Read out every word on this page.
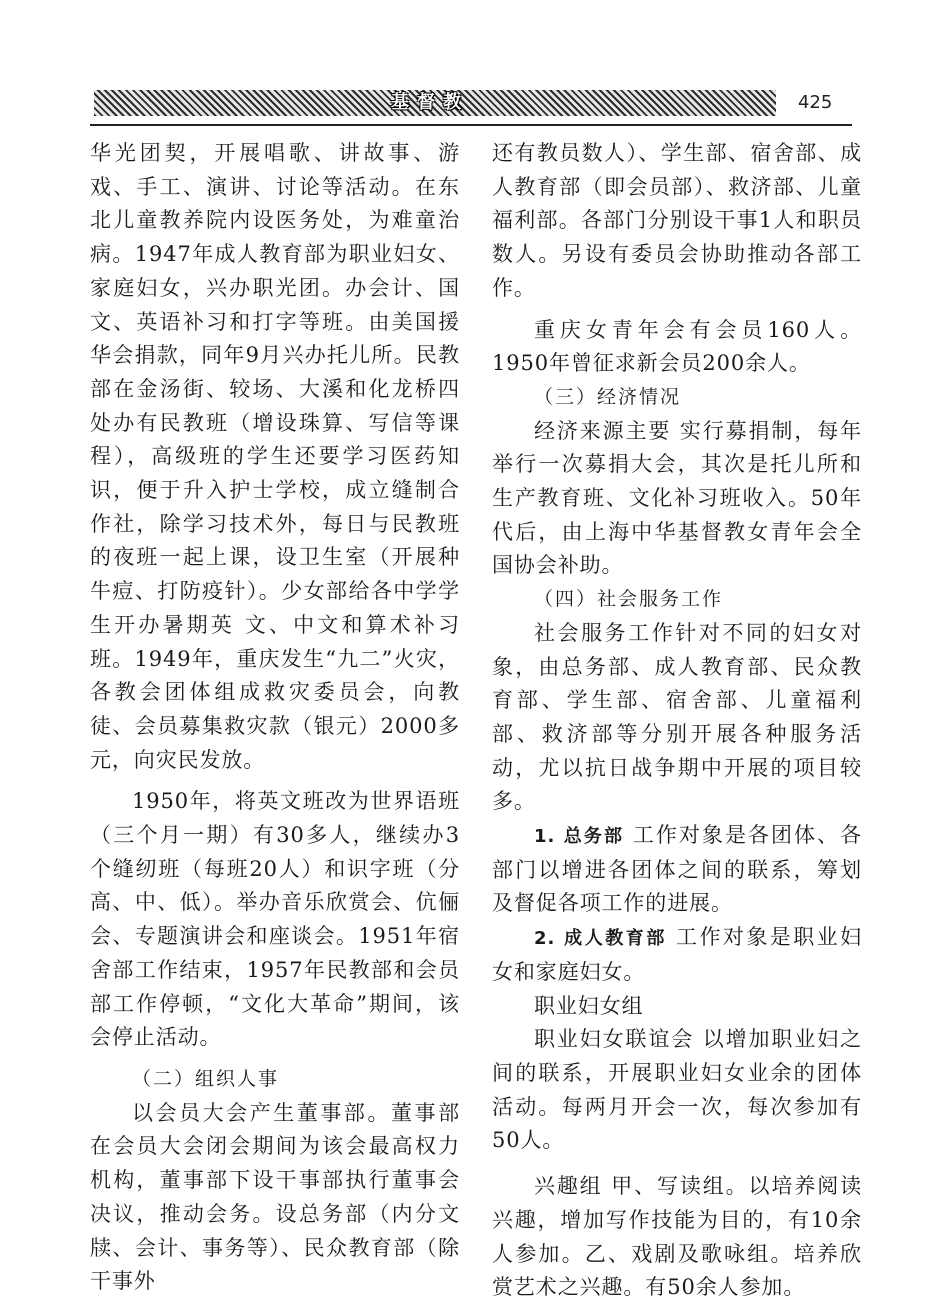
基督教	425

华光团契，开展唱歌、讲故事、游戏、手工、演讲、讨论等活动。在东北儿童教养院内设医务处，为难童治病。1947年成人教育部为职业妇女、家庭妇女，兴办职光团。办会计、国文、英语补习和打字等班。由美国援华会捐款，同年9月兴办托儿所。民教部在金汤街、较场、大溪和化龙桥四处办有民教班（增设珠算、写信等课程），高级班的学生还要学习医药知识，便于升入护士学校，成立缝制合作社，除学习技术外，每日与民教班的夜班一起上课，设卫生室（开展种牛痘、打防疫针）。少女部给各中学学生开办暑期英 文、中文和算术补习班。1949年，重庆发生“九二”火灾，各教会团体组成救灾委员会，向教徒、会员募集救灾款（银元）2000多元，向灾民发放。

1950年，将英文班改为世界语班（三个月一期）有30多人，继续办3个缝纫班（每班20人）和识字班（分高、中、低）。举办音乐欣赏会、伉俪会、专题演讲会和座谈会。1951年宿舍部工作结束，1957年民教部和会员部工作停顿，“文化大革命”期间，该会停止活动。

（二）组织人事

以会员大会产生董事部。董事部在会员大会闭会期间为该会最高权力机构，董事部下设干事部执行董事会决议，推动会务。设总务部（内分文牍、会计、事务等）、民众教育部（除干事外

还有教员数人）、学生部、宿舍部、成人教育部（即会员部）、救济部、儿童福利部。各部门分别设干事1人和职员数人。另设有委员会协助推动各部工作。

重庆女青年会有会员160人。1950年曾征求新会员200余人。

（三）经济情况

经济来源主要 实行募捐制，每年举行一次募捐大会，其次是托儿所和生产教育班、文化补习班收入。50年代后，由上海中华基督教女青年会全国协会补助。

（四）社会服务工作

社会服务工作针对不同的妇女对象，由总务部、成人教育部、民众教育部、学生部、宿舍部、儿童福利部、救济部等分别开展各种服务活动，尤以抗日战争期中开展的项目较多。

1. 总务部 工作对象是各团体、各部门以增进各团体之间的联系，筹划及督促各项工作的进展。

2. 成人教育部 工作对象是职业妇女和家庭妇女。

职业妇女组

职业妇女联谊会 以增加职业妇之间的联系，开展职业妇女业余的团体活动。每两月开会一次，每次参加有50人。

兴趣组 甲、写读组。以培养阅读兴趣，增加写作技能为目的，有10余人参加。乙、戏剧及歌咏组。培养欣赏艺术之兴趣。有50余人参加。
